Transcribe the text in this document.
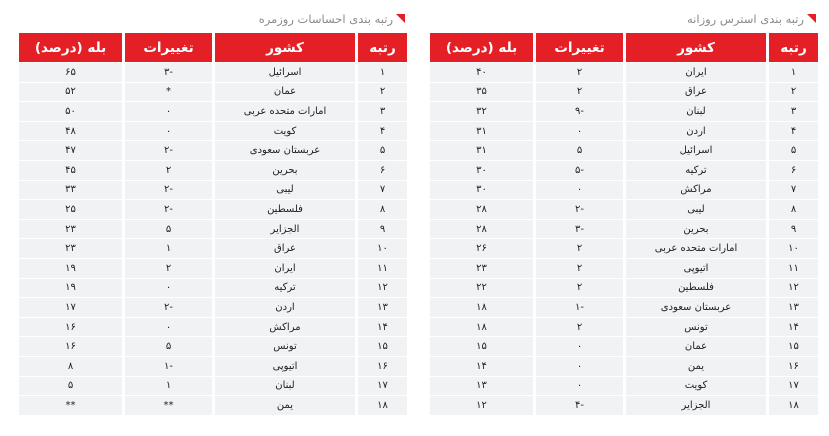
رتبه بندی استرس روزانه
رتبه	کشور	تغییرات	بله (درصد)
۱	ایران	۲	۴۰
۲	عراق	۲	۳۵
۳	لبنان	-۹	۳۲
۴	اردن	۰	۳۱
۵	اسرائیل	۵	۳۱
۶	ترکیه	-۵	۳۰
۷	مراکش	۰	۳۰
۸	لیبی	-۲	۲۸
۹	بحرین	-۳	۲۸
۱۰	امارات متحده عربی	۲	۲۶
۱۱	اتیوپی	۲	۲۳
۱۲	فلسطین	۲	۲۲
۱۳	عربستان سعودی	-۱	۱۸
۱۴	تونس	۲	۱۸
۱۵	عمان	۰	۱۵
۱۶	یمن	۰	۱۴
۱۷	کویت	۰	۱۳
۱۸	الجزایر	-۴	۱۲
رتبه بندی احساسات روزمره
رتبه	کشور	تغییرات	بله (درصد)
۱	اسرائیل	-۳	۶۵
۲	عمان	*	۵۲
۳	امارات متحده عربی	۰	۵۰
۴	کویت	۰	۴۸
۵	عربستان سعودی	-۲	۴۷
۶	بحرین	۲	۴۵
۷	لیبی	-۲	۳۳
۸	فلسطین	-۲	۲۵
۹	الجزایر	۵	۲۳
۱۰	عراق	۱	۲۳
۱۱	ایران	۲	۱۹
۱۲	ترکیه	۰	۱۹
۱۳	اردن	-۲	۱۷
۱۴	مراکش	۰	۱۶
۱۵	تونس	۵	۱۶
۱۶	اتیوپی	-۱	۸
۱۷	لبنان	۱	۵
۱۸	یمن	**	**
